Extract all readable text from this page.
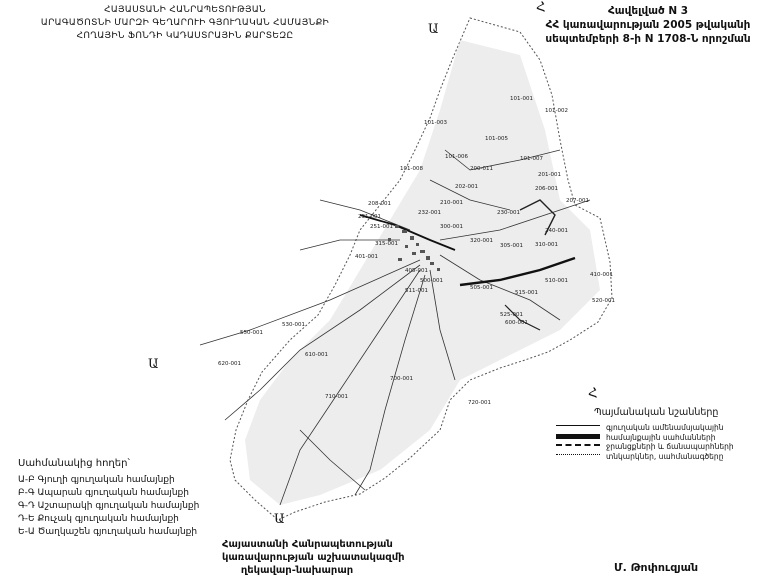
101-001
101-002
101-003
101-005
101-006	101-007
101-008	200-011
201-001
202-001	206-001
207-001
208-001	210-001
230-001
231-001
232-001
240-001
251-001	300-001
305-001 310-001
315-001	320-001
401-001
405-001
410-001
500-001
505-001
510-001
511-001	515-001
520-001
525-001
530-001
550-001
600-001
610-001
620-001
700-001
710-001
720-001
Հ
Ա
Ա
Հ
Ա
ՀԱՅԱՍՏԱՆԻ ՀԱՆՐԱՊԵՏՈՒԹՅԱՆ
ԱՐԱԳԱԾՈՏՆԻ ՄԱՐԶԻ ԳԵՂԱՐՈՒԻ ԳՅՈՒՂԱԿԱՆ ՀԱՄԱՅՆՔԻ
ՀՈՂԱՅԻՆ ՖՈՆԴԻ ԿԱԴԱՍՏՐԱՅԻՆ ՔԱՐՏԵԶԸ
Հավելված N 3
ՀՀ կառավարության 2005 թվականի
սեպտեմբերի 8-ի N 1708-Ն որոշման
Պայմանական նշանները
գյուղական ամենամսյակային
համայնքային սահմանների
ջրանցքների և ճանապարհների
տնկարկներ, սահմանագծերը
Սահմանակից հողեր՝
Ա-Բ Գյուղի գյուղական համայնքի
Բ-Գ Ապարան գյուղական համայնքի
Գ-Դ Աշտարակի գյուղական համայնքի
Դ-Ե Քուչակ գյուղական համայնքի
Ե-Ա Ծաղկաշեն գյուղական համայնքի
Հայաստանի Հանրապետության
կառավարության աշխատակազմի
ղեկավար-նախարար	Մ. Թոփուզյան
